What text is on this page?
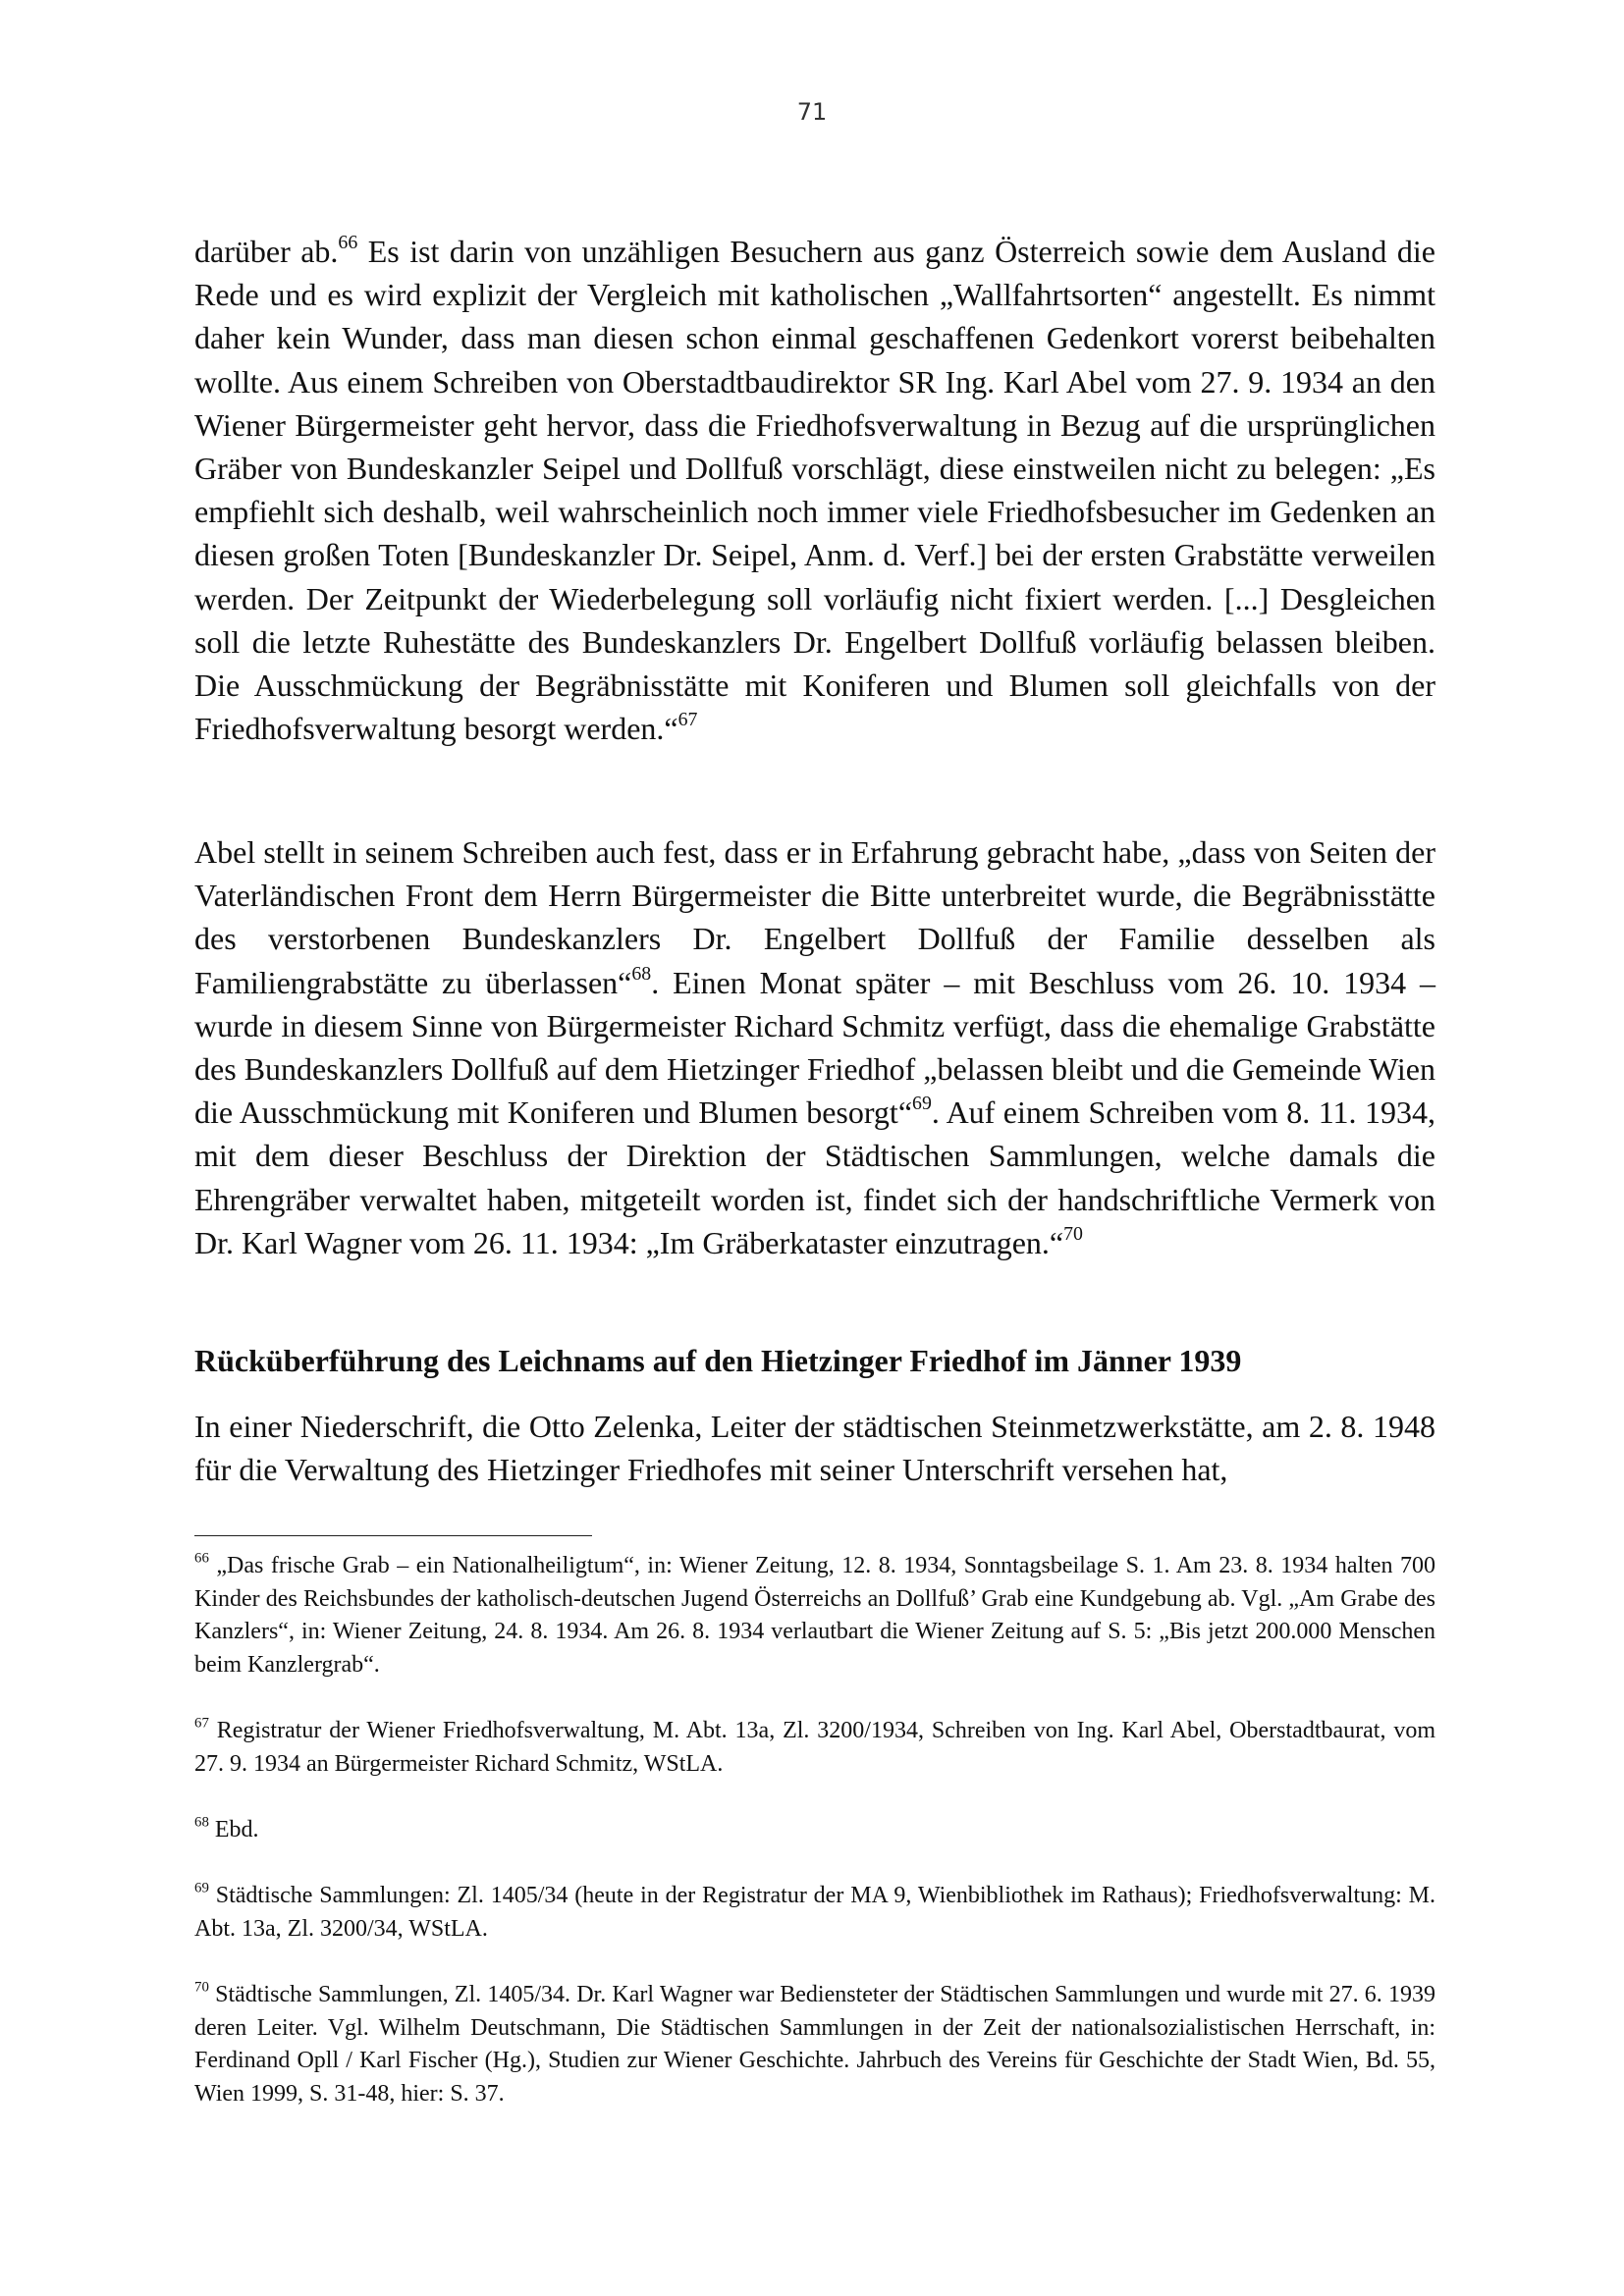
71

darüber ab.$^{66}$ Es ist darin von unzähligen Besuchern aus ganz Österreich sowie dem Ausland die Rede und es wird explizit der Vergleich mit katholischen „Wallfahrtsorten“ angestellt. Es nimmt daher kein Wunder, dass man diesen schon einmal geschaffenen Gedenkort vorerst beibehalten wollte. Aus einem Schreiben von Oberstadtbaudirektor SR Ing. Karl Abel vom 27. 9. 1934 an den Wiener Bürgermeister geht hervor, dass die Friedhofsverwaltung in Bezug auf die ursprünglichen Gräber von Bundeskanzler Seipel und Dollfuß vorschlägt, diese einstweilen nicht zu belegen: „Es empfiehlt sich deshalb, weil wahrscheinlich noch immer viele Friedhofsbesucher im Gedenken an diesen großen Toten [Bundeskanzler Dr. Seipel, Anm. d. Verf.] bei der ersten Grabstätte verweilen werden. Der Zeitpunkt der Wiederbelegung soll vorläufig nicht fixiert werden. [...] Desgleichen soll die letzte Ruhestätte des Bundeskanzlers Dr. Engelbert Dollfuß vorläufig belassen bleiben. Die Ausschmückung der Begräbnisstätte mit Koniferen und Blumen soll gleichfalls von der Friedhofsverwaltung besorgt werden.“$^{67}$

Abel stellt in seinem Schreiben auch fest, dass er in Erfahrung gebracht habe, „dass von Seiten der Vaterländischen Front dem Herrn Bürgermeister die Bitte unterbreitet wurde, die Begräbnisstätte des verstorbenen Bundeskanzlers Dr. Engelbert Dollfuß der Familie desselben als Familiengrabstätte zu überlassen“$^{68}$. Einen Monat später – mit Beschluss vom 26. 10. 1934 – wurde in diesem Sinne von Bürgermeister Richard Schmitz verfügt, dass die ehemalige Grabstätte des Bundeskanzlers Dollfuß auf dem Hietzinger Friedhof „belassen bleibt und die Gemeinde Wien die Ausschmückung mit Koniferen und Blumen besorgt“$^{69}$. Auf einem Schreiben vom 8. 11. 1934, mit dem dieser Beschluss der Direktion der Städtischen Sammlungen, welche damals die Ehrengräber verwaltet haben, mitgeteilt worden ist, findet sich der handschriftliche Vermerk von Dr. Karl Wagner vom 26. 11. 1934: „Im Gräberkataster einzutragen.“$^{70}$

Rücküberführung des Leichnams auf den Hietzinger Friedhof im Jänner 1939

In einer Niederschrift, die Otto Zelenka, Leiter der städtischen Steinmetzwerkstätte, am 2. 8. 1948 für die Verwaltung des Hietzinger Friedhofes mit seiner Unterschrift versehen hat,

$^{66}$ „Das frische Grab – ein Nationalheiligtum“, in: Wiener Zeitung, 12. 8. 1934, Sonntagsbeilage S. 1. Am 23. 8. 1934 halten 700 Kinder des Reichsbundes der katholisch-deutschen Jugend Österreichs an Dollfuß’ Grab eine Kundgebung ab. Vgl. „Am Grabe des Kanzlers“, in: Wiener Zeitung, 24. 8. 1934. Am 26. 8. 1934 verlautbart die Wiener Zeitung auf S. 5: „Bis jetzt 200.000 Menschen beim Kanzlergrab“.

$^{67}$ Registratur der Wiener Friedhofsverwaltung, M. Abt. 13a, Zl. 3200/1934, Schreiben von Ing. Karl Abel, Oberstadtbaurat, vom 27. 9. 1934 an Bürgermeister Richard Schmitz, WStLA.

$^{68}$ Ebd.

$^{69}$ Städtische Sammlungen: Zl. 1405/34 (heute in der Registratur der MA 9, Wienbibliothek im Rathaus); Friedhofsverwaltung: M. Abt. 13a, Zl. 3200/34, WStLA.

$^{70}$ Städtische Sammlungen, Zl. 1405/34. Dr. Karl Wagner war Bediensteter der Städtischen Sammlungen und wurde mit 27. 6. 1939 deren Leiter. Vgl. Wilhelm Deutschmann, Die Städtischen Sammlungen in der Zeit der nationalsozialistischen Herrschaft, in: Ferdinand Opll / Karl Fischer (Hg.), Studien zur Wiener Geschichte. Jahrbuch des Vereins für Geschichte der Stadt Wien, Bd. 55, Wien 1999, S. 31-48, hier: S. 37.
